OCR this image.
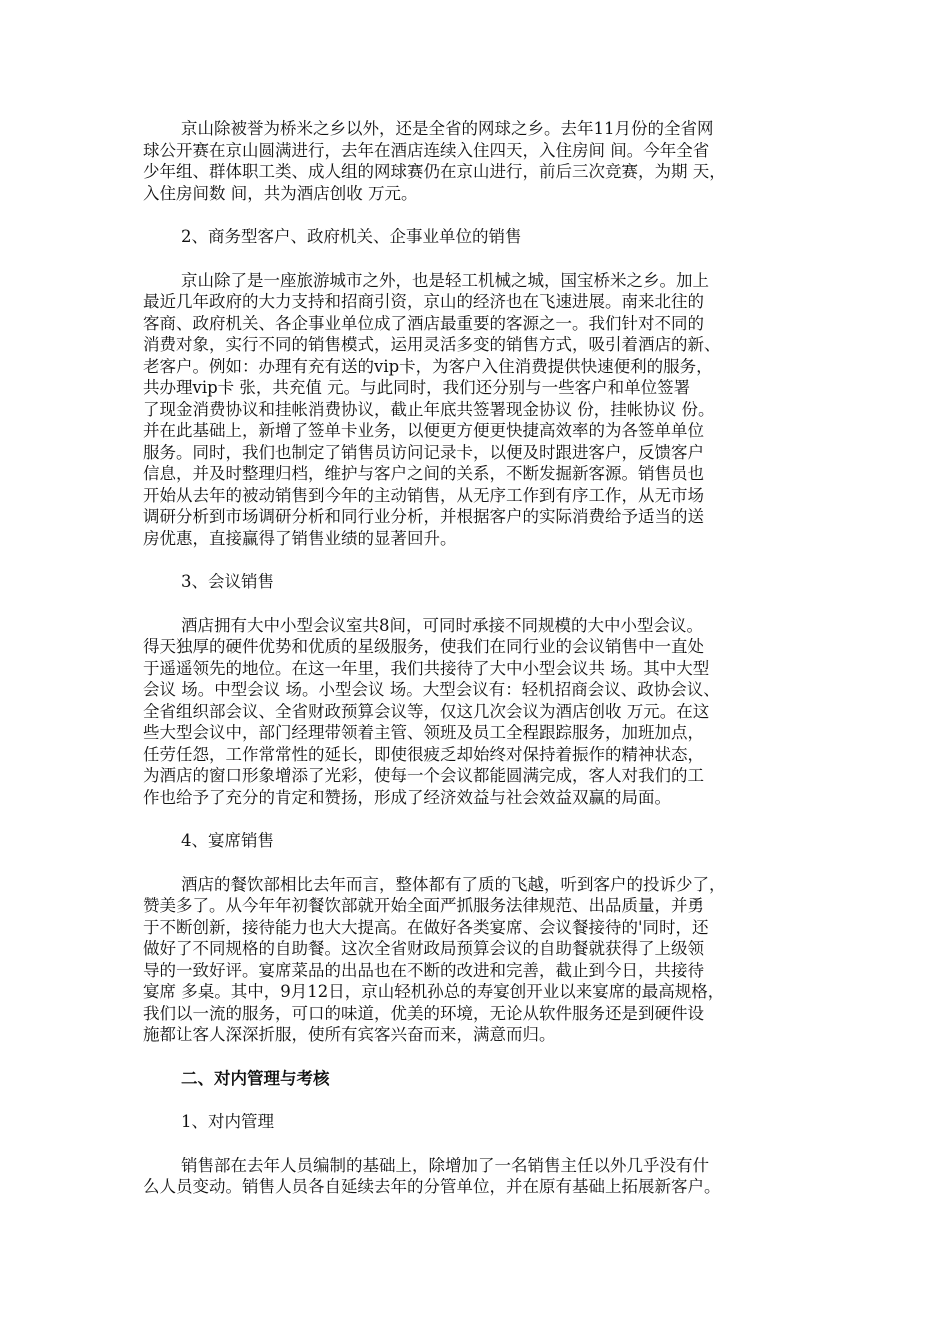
京山除被誉为桥米之乡以外，还是全省的网球之乡。去年11月份的全省网
球公开赛在京山圆满进行，去年在酒店连续入住四天，入住房间 间。今年全省
少年组、群体职工类、成人组的网球赛仍在京山进行，前后三次竞赛，为期 天，
入住房间数 间，共为酒店创收 万元。

2、商务型客户、政府机关、企事业单位的销售

京山除了是一座旅游城市之外，也是轻工机械之城，国宝桥米之乡。加上
最近几年政府的大力支持和招商引资，京山的经济也在飞速进展。南来北往的
客商、政府机关、各企事业单位成了酒店最重要的客源之一。我们针对不同的
消费对象，实行不同的销售模式，运用灵活多变的销售方式，吸引着酒店的新、
老客户。例如：办理有充有送的vip卡，为客户入住消费提供快速便利的服务，
共办理vip卡 张，共充值 元。与此同时，我们还分别与一些客户和单位签署
了现金消费协议和挂帐消费协议，截止年底共签署现金协议 份，挂帐协议 份。
并在此基础上，新增了签单卡业务，以便更方便更快捷高效率的为各签单单位
服务。同时，我们也制定了销售员访问记录卡，以便及时跟进客户，反馈客户
信息，并及时整理归档，维护与客户之间的关系，不断发掘新客源。销售员也
开始从去年的被动销售到今年的主动销售，从无序工作到有序工作，从无市场
调研分析到市场调研分析和同行业分析，并根据客户的实际消费给予适当的送
房优惠，直接赢得了销售业绩的显著回升。

3、会议销售

酒店拥有大中小型会议室共8间，可同时承接不同规模的大中小型会议。
得天独厚的硬件优势和优质的星级服务，使我们在同行业的会议销售中一直处
于遥遥领先的地位。在这一年里，我们共接待了大中小型会议共 场。其中大型
会议 场。中型会议 场。小型会议 场。大型会议有：轻机招商会议、政协会议、
全省组织部会议、全省财政预算会议等，仅这几次会议为酒店创收 万元。在这
些大型会议中，部门经理带领着主管、领班及员工全程跟踪服务，加班加点，
任劳任怨，工作常常性的延长，即使很疲乏却始终对保持着振作的精神状态，
为酒店的窗口形象增添了光彩，使每一个会议都能圆满完成，客人对我们的工
作也给予了充分的肯定和赞扬，形成了经济效益与社会效益双赢的局面。

4、宴席销售

酒店的餐饮部相比去年而言，整体都有了质的飞越，听到客户的投诉少了，
赞美多了。从今年年初餐饮部就开始全面严抓服务法律规范、出品质量，并勇
于不断创新，接待能力也大大提高。在做好各类宴席、会议餐接待的'同时，还
做好了不同规格的自助餐。这次全省财政局预算会议的自助餐就获得了上级领
导的一致好评。宴席菜品的出品也在不断的改进和完善，截止到今日，共接待
宴席 多桌。其中，9月12日，京山轻机孙总的寿宴创开业以来宴席的最高规格，
我们以一流的服务，可口的味道，优美的环境，无论从软件服务还是到硬件设
施都让客人深深折服，使所有宾客兴奋而来，满意而归。

二、对内管理与考核

1、对内管理

销售部在去年人员编制的基础上，除增加了一名销售主任以外几乎没有什
么人员变动。销售人员各自延续去年的分管单位，并在原有基础上拓展新客户。
